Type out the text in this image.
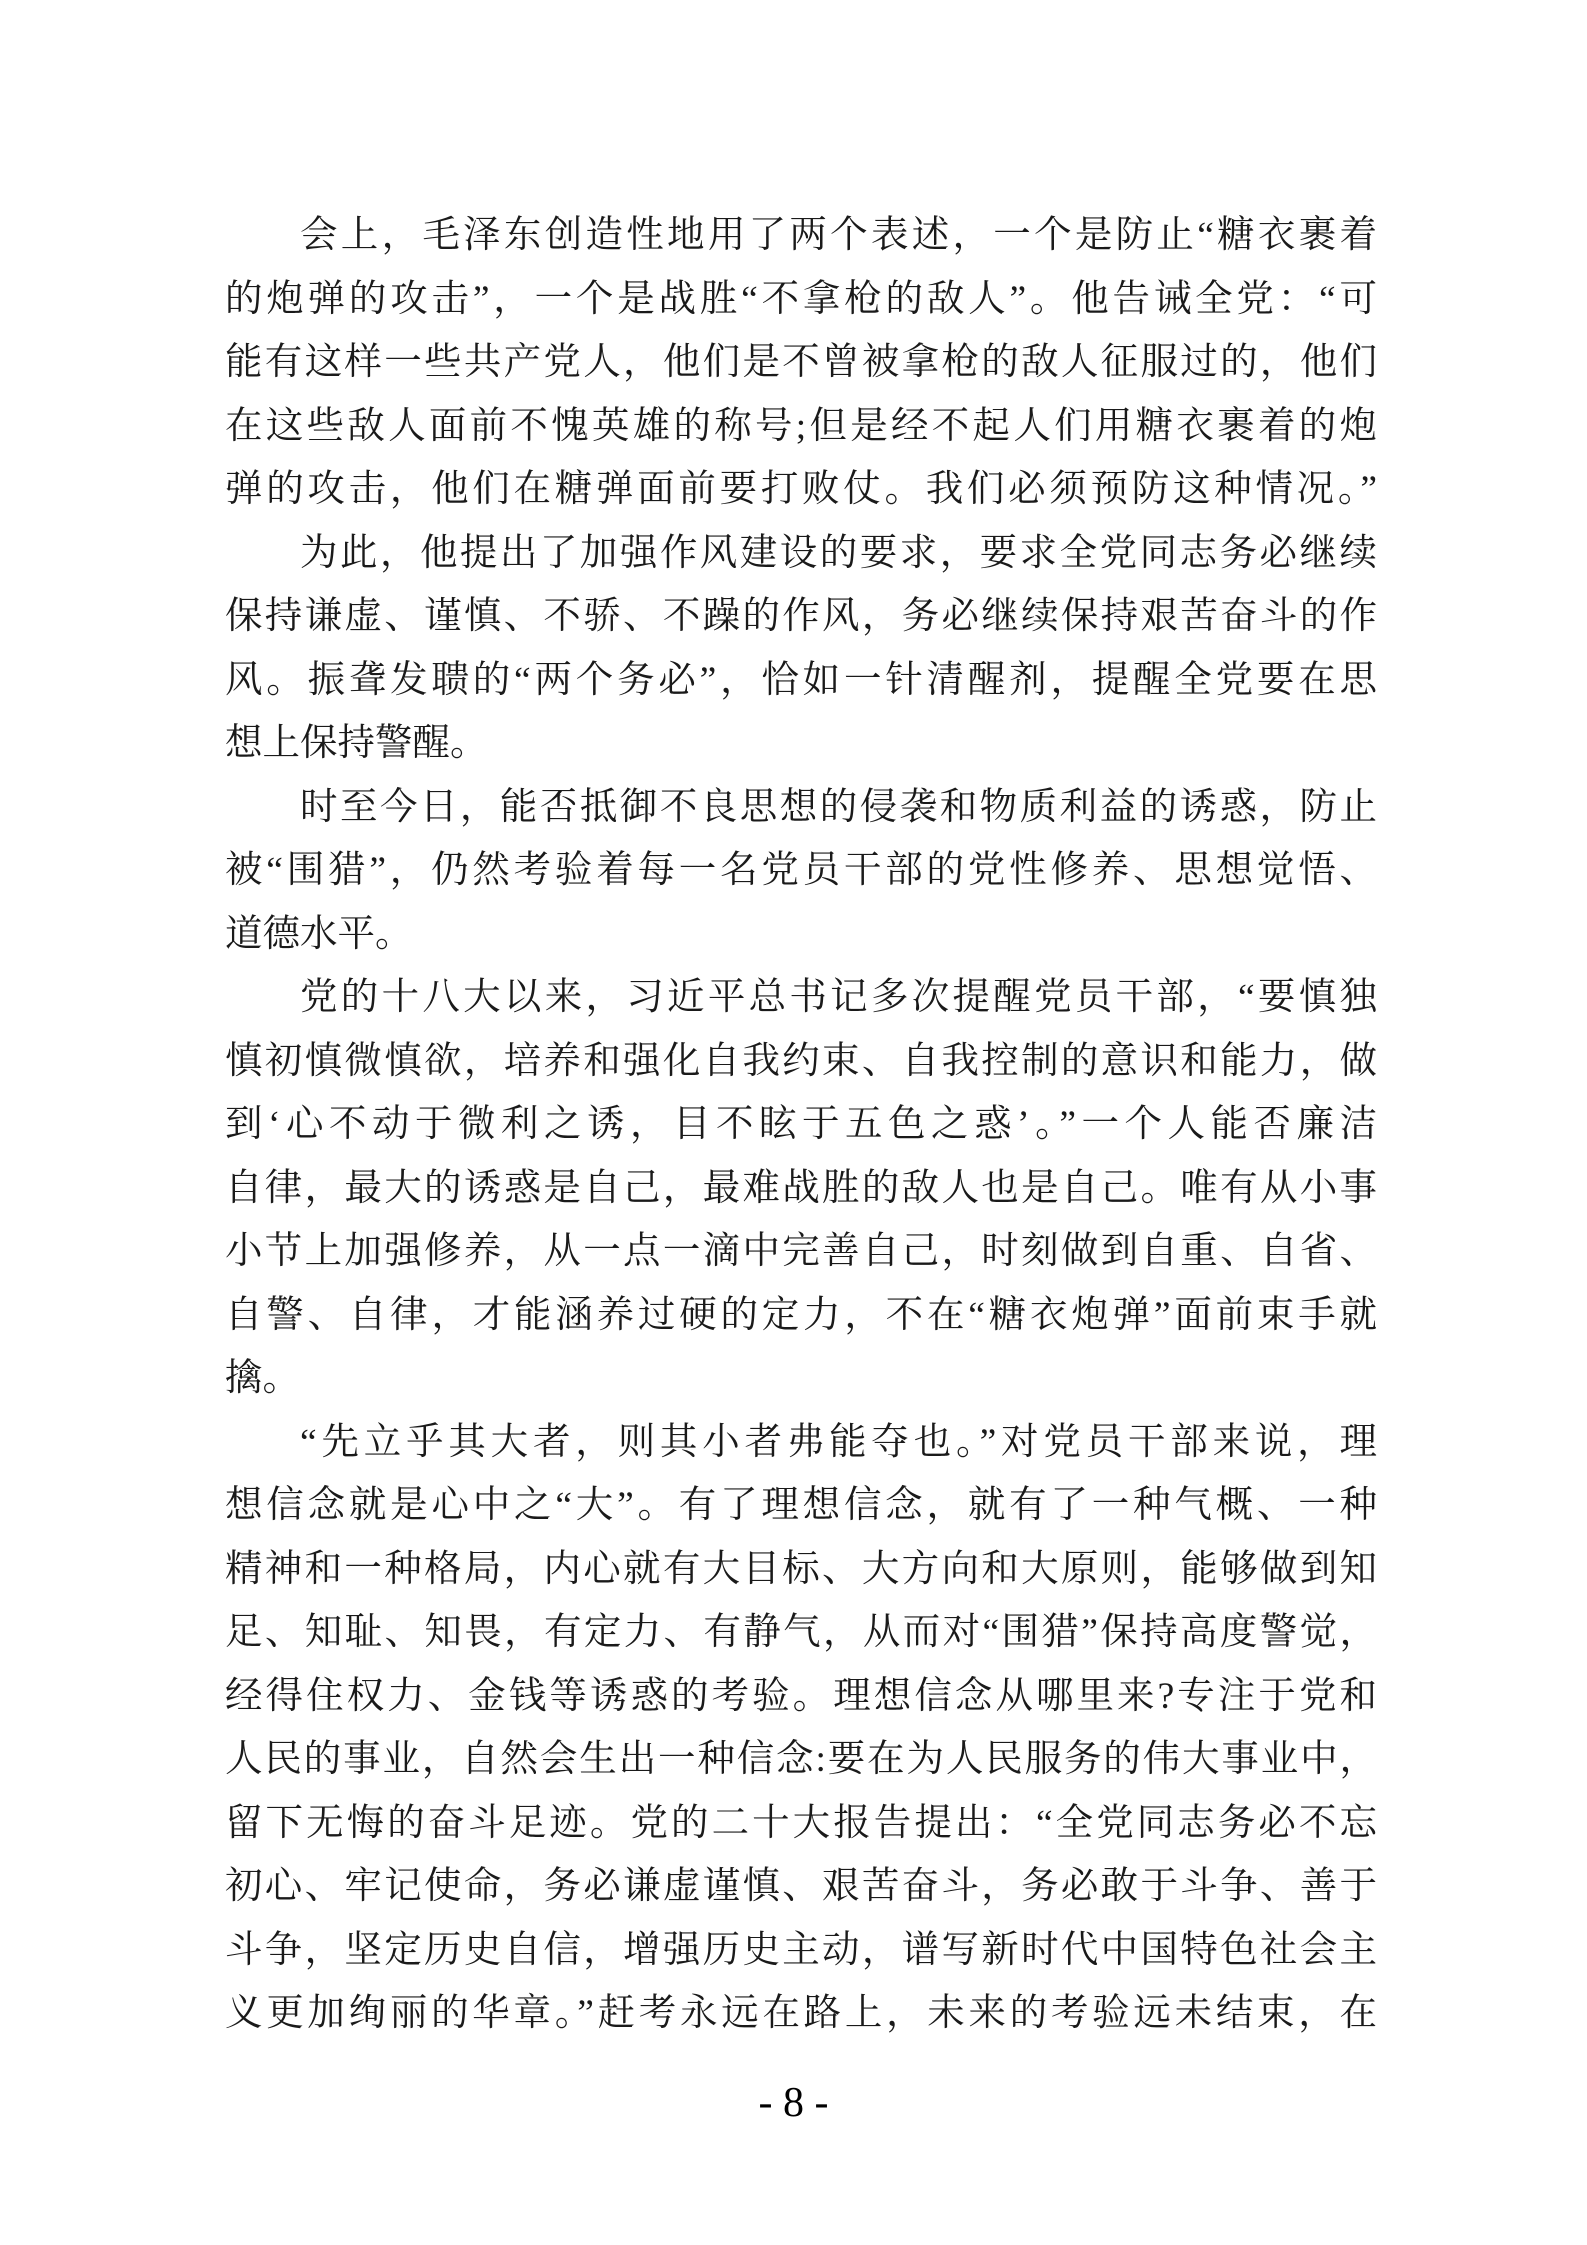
会上，毛泽东创造性地用了两个表述，一个是防止“糖衣裹着
的炮弹的攻击”，一个是战胜“不拿枪的敌人”。他告诫全党：“可
能有这样一些共产党人，他们是不曾被拿枪的敌人征服过的，他们
在这些敌人面前不愧英雄的称号;但是经不起人们用糖衣裹着的炮
弹的攻击，他们在糖弹面前要打败仗。我们必须预防这种情况。”
为此，他提出了加强作风建设的要求，要求全党同志务必继续
保持谦虚、谨慎、不骄、不躁的作风，务必继续保持艰苦奋斗的作
风。振聋发聩的“两个务必”，恰如一针清醒剂，提醒全党要在思
想上保持警醒。
时至今日，能否抵御不良思想的侵袭和物质利益的诱惑，防止
被“围猎”，仍然考验着每一名党员干部的党性修养、思想觉悟、
道德水平。
党的十八大以来，习近平总书记多次提醒党员干部，“要慎独
慎初慎微慎欲，培养和强化自我约束、自我控制的意识和能力，做
到‘心不动于微利之诱，目不眩于五色之惑’。”一个人能否廉洁
自律，最大的诱惑是自己，最难战胜的敌人也是自己。唯有从小事
小节上加强修养，从一点一滴中完善自己，时刻做到自重、自省、
自警、自律，才能涵养过硬的定力，不在“糖衣炮弹”面前束手就
擒。
“先立乎其大者，则其小者弗能夺也。”对党员干部来说，理
想信念就是心中之“大”。有了理想信念，就有了一种气概、一种
精神和一种格局，内心就有大目标、大方向和大原则，能够做到知
足、知耻、知畏，有定力、有静气，从而对“围猎”保持高度警觉，
经得住权力、金钱等诱惑的考验。理想信念从哪里来?专注于党和
人民的事业，自然会生出一种信念:要在为人民服务的伟大事业中，
留下无悔的奋斗足迹。党的二十大报告提出：“全党同志务必不忘
初心、牢记使命，务必谦虚谨慎、艰苦奋斗，务必敢于斗争、善于
斗争，坚定历史自信，增强历史主动，谱写新时代中国特色社会主
义更加绚丽的华章。”赶考永远在路上，未来的考验远未结束，在
- 8 -
